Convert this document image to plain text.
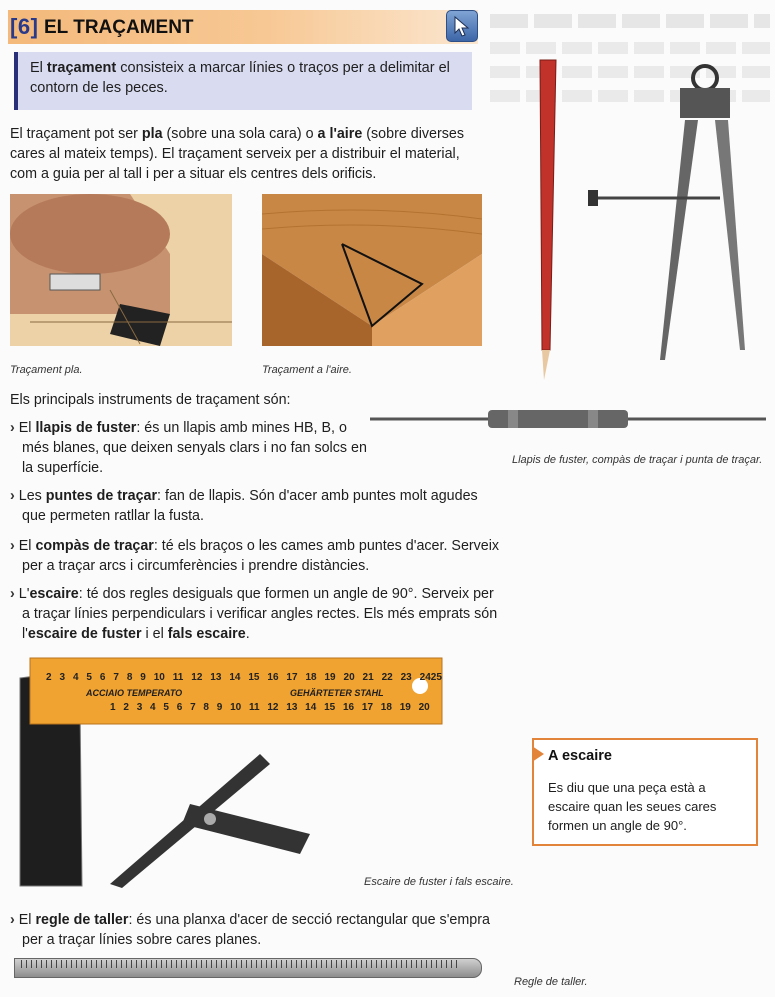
[6] EL TRAÇAMENT
El traçament consisteix a marcar línies o traços per a delimitar el contorn de les peces.

El traçament pot ser pla (sobre una sola cara) o a l'aire (sobre diverses cares al mateix temps). El traçament serveix per a distribuir el material, com a guia per al tall i per a situar els centres dels orificis.

Traçament pla.	Traçament a l'aire.
Llapis de fuster, compàs de traçar i punta de traçar.

Els principals instruments de traçament són:

› El llapis de fuster: és un llapis amb mines HB, B, o més blanes, que deixen senyals clars i no fan solcs en la superfície.
› Les puntes de traçar: fan de llapis. Són d'acer amb puntes molt agudes que permeten ratllar la fusta.
› El compàs de traçar: té els braços o les cames amb puntes d'acer. Serveix per a traçar arcs i circumferències i prendre distàncies.
› L'escaire: té dos regles desiguals que formen un angle de 90°. Serveix per a traçar línies perpendiculars i verificar angles rectes. Els més emprats són l'escaire de fuster i el fals escaire.
2 3 4 5 6 7 8 9 10 11 12 13 14 15 16 17 18 19 20 21 22 23 2425
ACCIAIO TEMPERATO	GEHÄRTETER STAHL
1 2 3 4 5 6 7 8 9 10 11 12 13 14 15 16 17 18 19 20
Escaire de fuster i fals escaire.
› El regle de taller: és una planxa d'acer de secció rectangular que s'empra per a traçar línies sobre cares planes.
Regle de taller.
A escaire
Es diu que una peça està a escaire quan les seues cares formen un angle de 90°.
